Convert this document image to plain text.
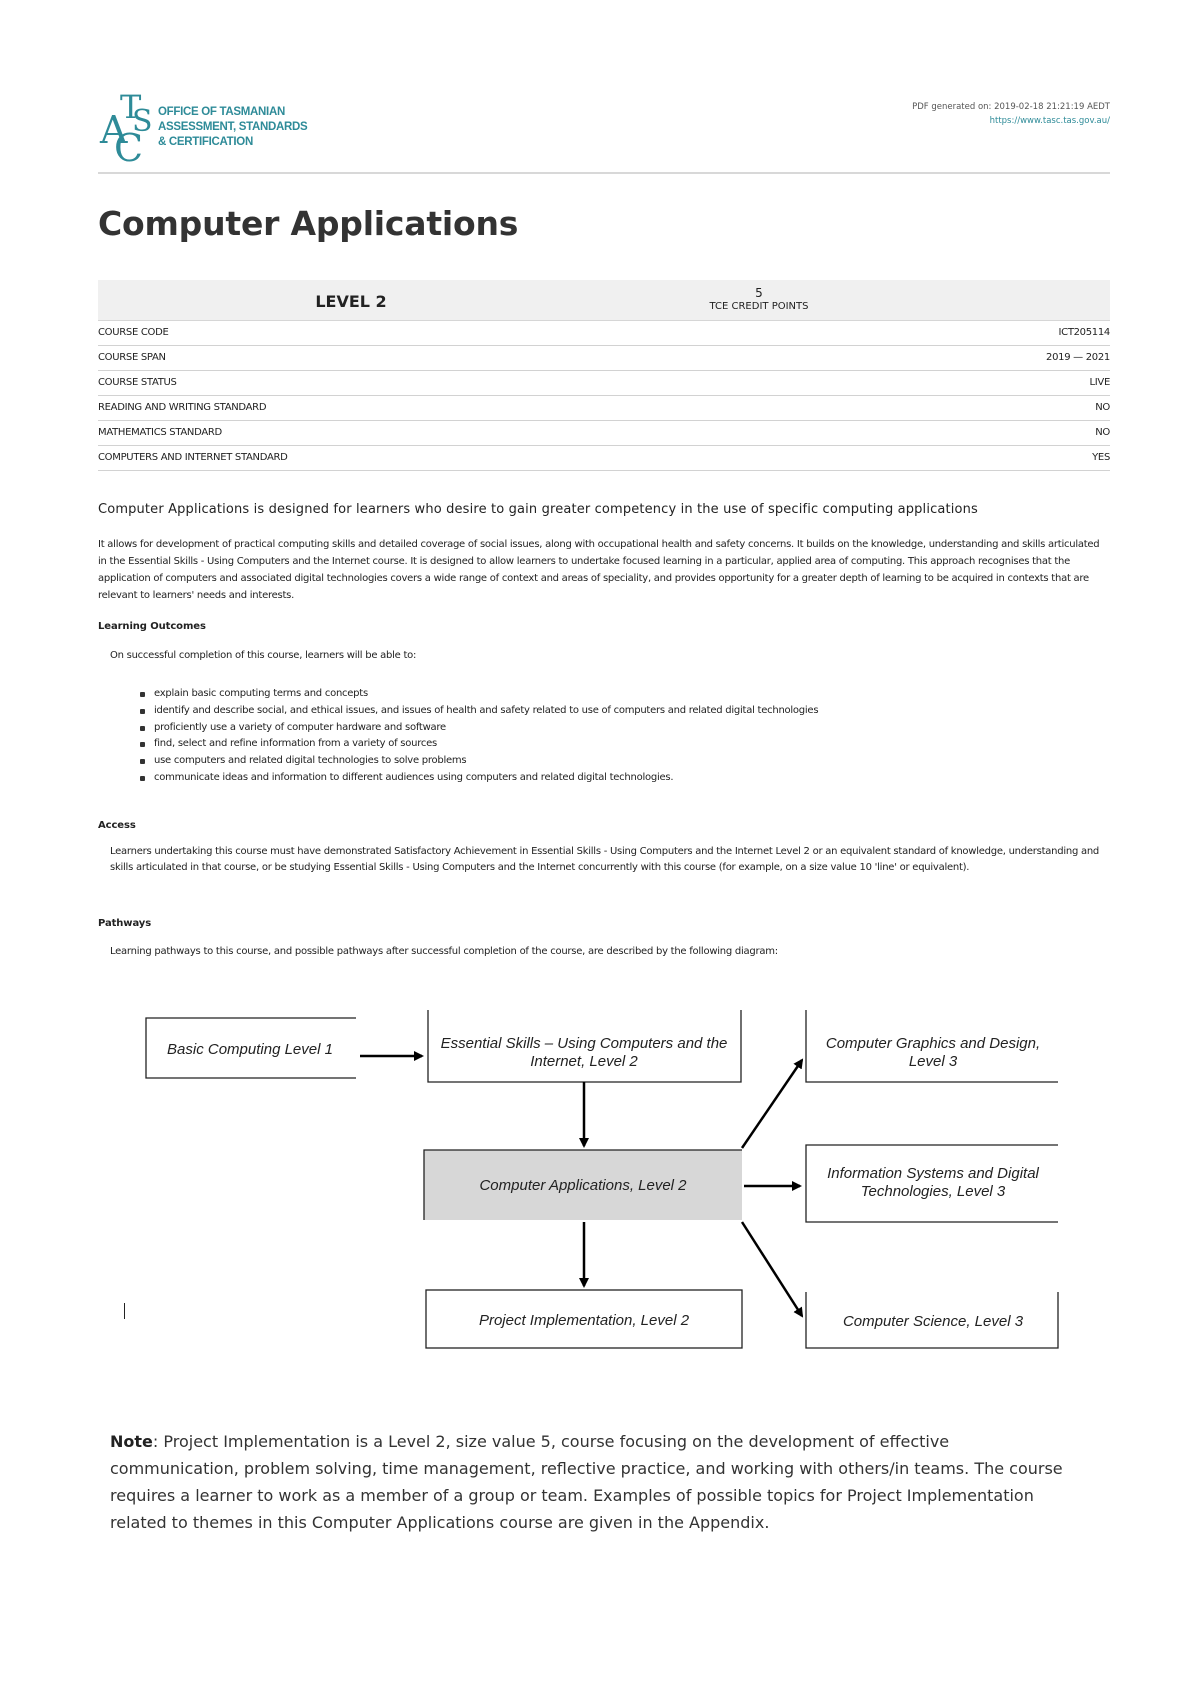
A
T
S
C
OFFICE OF TASMANIAN
ASSESSMENT, STANDARDS
& CERTIFICATION
PDF generated on: 2019-02-18 21:21:19 AEDT
https://www.tasc.tas.gov.au/
Computer Applications
LEVEL 2	5
TCE CREDIT POINTS
COURSE CODE	ICT205114
COURSE SPAN	2019 — 2021
COURSE STATUS	LIVE
READING AND WRITING STANDARD	NO
MATHEMATICS STANDARD	NO
COMPUTERS AND INTERNET STANDARD	YES
Computer Applications is designed for learners who desire to gain greater competency in the use of specific computing applications
It allows for development of practical computing skills and detailed coverage of social issues, along with occupational health and safety concerns. It builds on the knowledge, understanding and skills articulated in the Essential Skills - Using Computers and the Internet course. It is designed to allow learners to undertake focused learning in a particular, applied area of computing. This approach recognises that the application of computers and associated digital technologies covers a wide range of context and areas of speciality, and provides opportunity for a greater depth of learning to be acquired in contexts that are relevant to learners' needs and interests.
Learning Outcomes
On successful completion of this course, learners will be able to:
explain basic computing terms and concepts
identify and describe social, and ethical issues, and issues of health and safety related to use of computers and related digital technologies
proficiently use a variety of computer hardware and software
find, select and refine information from a variety of sources
use computers and related digital technologies to solve problems
communicate ideas and information to different audiences using computers and related digital technologies.
Access
Learners undertaking this course must have demonstrated Satisfactory Achievement in Essential Skills - Using Computers and the Internet Level 2 or an equivalent standard of knowledge, understanding and skills articulated in that course, or be studying Essential Skills - Using Computers and the Internet concurrently with this course (for example, on a size value 10 'line' or equivalent).
Pathways
Learning pathways to this course, and possible pathways after successful completion of the course, are described by the following diagram:
Basic Computing Level 1	Essential Skills – Using Computers and the
Internet, Level 2
Computer Applications, Level 2
Project Implementation, Level 2
Computer Graphics and Design,
Level 3
Information Systems and Digital
Technologies, Level 3
Computer Science, Level 3
Note: Project Implementation is a Level 2, size value 5, course focusing on the development of effective communication, problem solving, time management, reflective practice, and working with others/in teams. The course requires a learner to work as a member of a group or team. Examples of possible topics for Project Implementation related to themes in this Computer Applications course are given in the Appendix.
